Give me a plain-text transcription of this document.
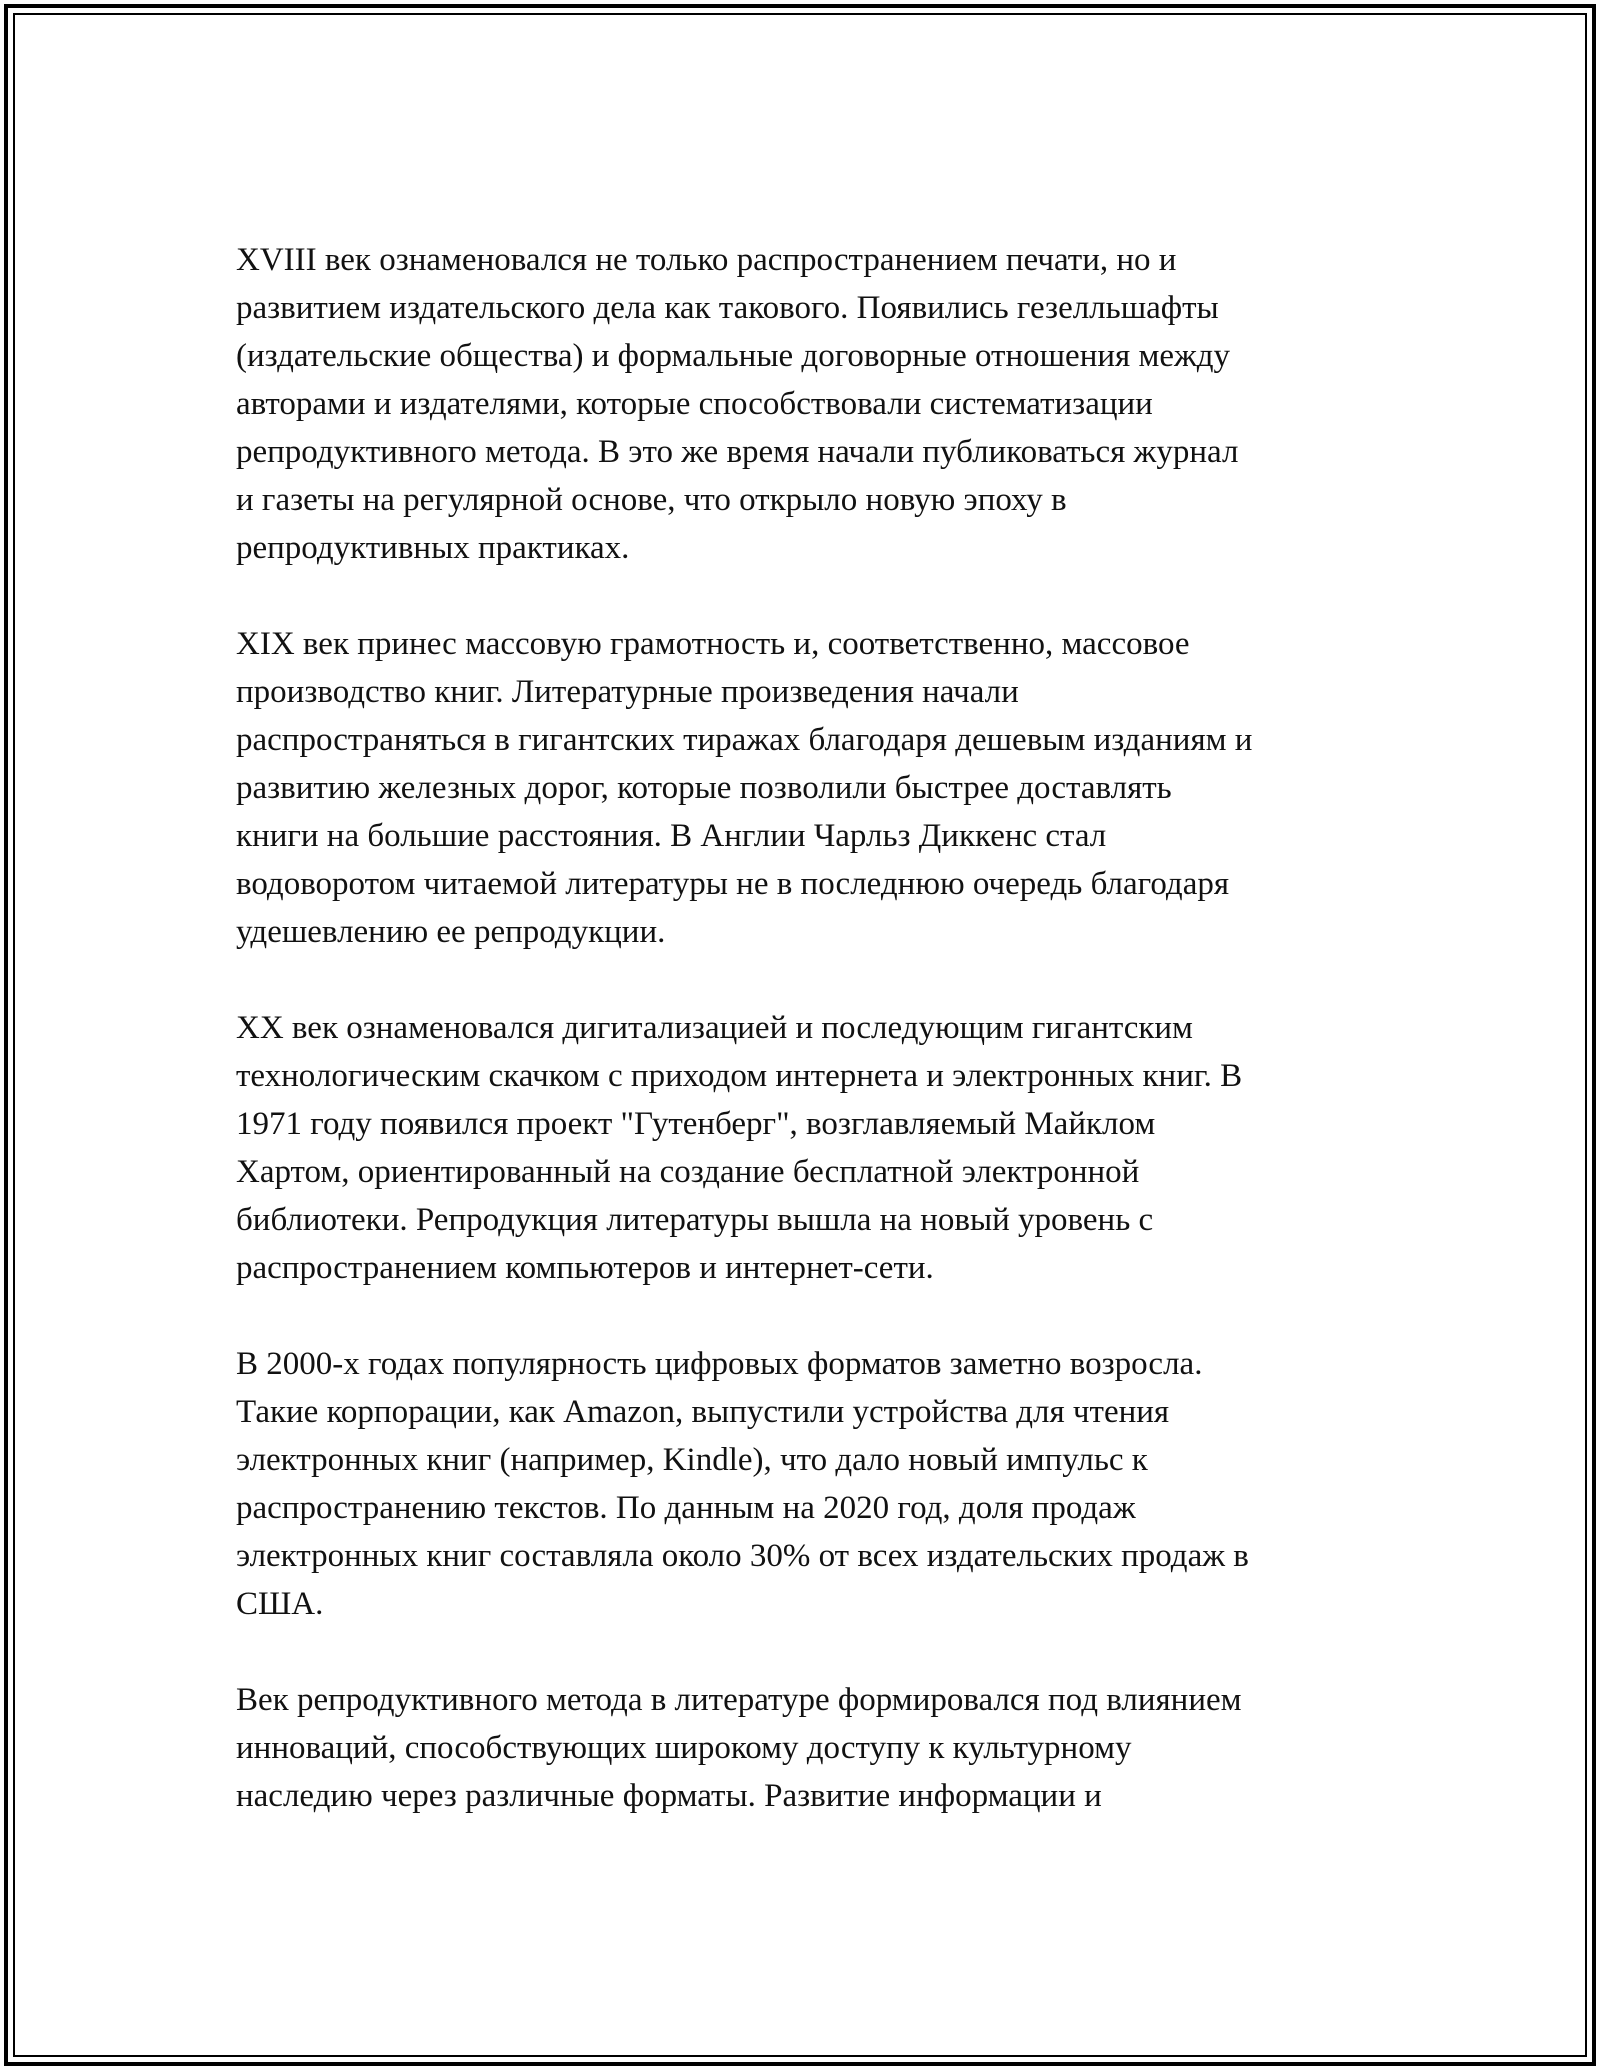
XVIII век ознаменовался не только распространением печати, но и
развитием издательского дела как такового. Появились гезелльшафты
(издательские общества) и формальные договорные отношения между
авторами и издателями, которые способствовали систематизации
репродуктивного метода. В это же время начали публиковаться журнал
и газеты на регулярной основе, что открыло новую эпоху в
репродуктивных практиках.

XIX век принес массовую грамотность и, соответственно, массовое
производство книг. Литературные произведения начали
распространяться в гигантских тиражах благодаря дешевым изданиям и
развитию железных дорог, которые позволили быстрее доставлять
книги на большие расстояния. В Англии Чарльз Диккенс стал
водоворотом читаемой литературы не в последнюю очередь благодаря
удешевлению ее репродукции.

XX век ознаменовался дигитализацией и последующим гигантским
технологическим скачком с приходом интернета и электронных книг. В
1971 году появился проект "Гутенберг", возглавляемый Майклом
Хартом, ориентированный на создание бесплатной электронной
библиотеки. Репродукция литературы вышла на новый уровень с
распространением компьютеров и интернет-сети.

В 2000-х годах популярность цифровых форматов заметно возросла.
Такие корпорации, как Amazon, выпустили устройства для чтения
электронных книг (например, Kindle), что дало новый импульс к
распространению текстов. По данным на 2020 год, доля продаж
электронных книг составляла около 30% от всех издательских продаж в
США.

Век репродуктивного метода в литературе формировался под влиянием
инноваций, способствующих широкому доступу к культурному
наследию через различные форматы. Развитие информации и
